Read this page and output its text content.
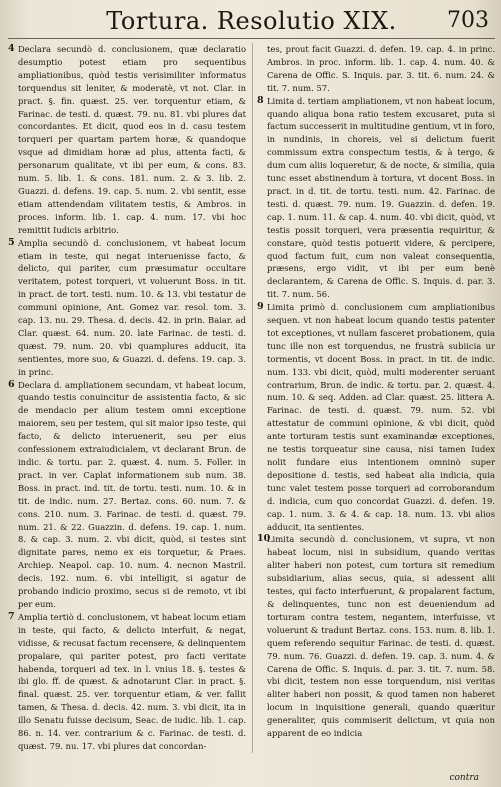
Tortura. Resolutio XIX.	703
4 Declara secundò d. conclusionem, quæ declaratio desumptio potest etiam pro sequentibus ampliationibus, quòd testis verisimiliter informatus torquendus sit leniter, & moderatè, vt not. Clar. in pract. §. fin. quæst. 25. ver. torquentur etiam, & Farinac. de testi. d. quæst. 79. nu. 81. vbi plures dat concordantes. Et dicit, quod eos in d. casu testem torqueri per quartam partem horæ, & quandoque vsque ad dimidiam horæ ad plus, attenta facti, & personarum qualitate, vt ibi per eum, & cons. 83. num. 5. lib. 1. & cons. 181. num. 2. & 3. lib. 2. Guazzi. d. defens. 19. cap. 5. num. 2. vbi sentit, esse etiam attendendam vilitatem testis, & Ambros. in proces. inform. lib. 1. cap. 4. num. 17. vbi hoc remittit Iudicis arbitrio.
5 Amplia secundò d. conclusionem, vt habeat locum etiam in teste, qui negat interuenisse facto, & delicto, qui pariter, cum præsumatur occultare veritatem, potest torqueri, vt voluerunt Boss. in tit. in pract. de tort. testi. num. 10. & 13. vbi testatur de communi opinione, Ant. Gomez var. resol. tom. 3. cap. 13. nu. 29. Thesa. d. decis. 42. in prin. Baiar. ad Clar. quæst. 64. num. 20. late Farinac. de testi. d. quæst. 79. num. 20. vbi quamplures adducit, ita sentientes, more suo, & Guazzi. d. defens. 19. cap. 3. in princ.
6 Declara d. ampliationem secundam, vt habeat locum, quando testis conuincitur de assistentia facto, & sic de mendacio per alium testem omni exceptione maiorem, seu per testem, qui sit maior ipso teste, qui facto, & delicto interuenerit, seu per eius confessionem extraiudicialem, vt declarant Brun. de indic. & tortu. par. 2. quæst. 4. num. 5. Foller. in pract. in ver. Caplat informationem sub num. 38. Boss. in pract. ind. tit. de tortu. testi. num. 10. & in tit. de indic. num. 27. Bertaz. cons. 60. num. 7. & cons. 210. num. 3. Farinac. de testi. d. quæst. 79. num. 21. & 22. Guazzin. d. defens. 19. cap. 1. num. 8. & cap. 3. num. 2. vbi dicit, quòd, si testes sint dignitate pares, nemo ex eis torquetur, & Praes. Archiep. Neapol. cap. 10. num. 4. necnon Mastril. decis. 192. num. 6. vbi intelligit, si agatur de probando indicio proximo, secus si de remoto, vt ibi per eum.
7 Amplia tertiò d. conclusionem, vt habeat locum etiam in teste, qui facto, & delicto interfuit, & negat, vidisse, & recusat factum recensere, & delinquentem propalare, qui pariter potest, pro facti veritate habenda, torqueri ad tex. in l. vnius 18. §. testes & ibi glo. ff. de quæst. & adnotarunt Clar. in pract. §. final. quæst. 25. ver. torquentur etiam, & ver. fallit tamen, & Thesa. d. decis. 42. num. 3. vbi dicit, ita in illo Senatu fuisse decisum, Seac. de iudic. lib. 1. cap. 86. n. 14. ver. contrarium & c. Farinac. de testi. d. quæst. 79. nu. 17. vbi plures dat concordan-
tes, prout facit Guazzi. d. defen. 19. cap. 4. in princ. Ambros. in proc. inform. lib. 1. cap. 4. num. 40. & Carena de Offic. S. Inquis. par. 3. tit. 6. num. 24. & tit. 7. num. 57.
8 Limita d. tertiam ampliationem, vt non habeat locum, quando aliqua bona ratio testem excusaret, puta si factum successerit in multitudine gentium, vt in foro, in nundinis, in choreis, vel si delictum fuerit commissum extra conspectum testis, & à tergo, & dum cum aliis loqueretur, & de nocte, & similia, quia tunc esset abstinendum à tortura, vt docent Boss. in pract. in d. tit. de tortu. testi. num. 42. Farinac. de testi. d. quæst. 79. num. 19. Guazzin. d. defen. 19. cap. 1. num. 11. & cap. 4. num. 40. vbi dicit, quòd, vt testis possit torqueri, vera præsentia requiritur, & constare, quòd testis potuerit videre, & percipere, quod factum fuit, cum non valeat consequentia, præsens, ergo vidit, vt ibi per eum benè declarantem, & Carena de Offic. S. Inquis. d. par. 3. tit. 7. num. 56.
9 Limita primò d. conclusionem cum ampliationibus sequen. vt non habeat locum quando testis patenter tot exceptiones, vt nullam fasceret probationem, quia tunc ille non est torquendus, ne frustrà subiicia ur tormentis, vt docent Boss. in pract. in tit. de indic. num. 133. vbi dicit, quòd, multi moderenter seruant contrarium, Brun. de indic. & tortu. par. 2. quæst. 4. num. 10. & seq. Adden. ad Clar. quæst. 25. littera A. Farinac. de testi. d. quæst. 79. num. 52. vbi attestatur de communi opinione, & vbi dicit, quòd ante torturam testis sunt examinandæ exceptiones, ne testis torqueatur sine causa, nisi tamen Iudex nolit fundare eius intentionem omninò super depositione d. testis, sed habeat alia indicia, quia tunc valet testem posse torqueri ad corroborandum d. indicia, cum quo concordat Guazzi. d. defen. 19. cap. 1. num. 3. & 4. & cap. 18. num. 13. vbi alios adducit, ita sentientes.
10
Limita secundò d. conclusionem, vt supra, vt non habeat locum, nisi in subsidium, quando veritas aliter haberi non potest, cum tortura sit remedium subsidiarium, alias secus, quia, si adessent alii testes, qui facto interfuerunt, & propalarent factum, & delinquentes, tunc non est deueniendum ad torturam contra testem, negantem, interfuisse, vt voluerunt & tradunt Bertaz. cons. 153. num. 8. lib. 1. quem referendo sequitur Farinac. de testi. d. quæst. 79. num. 76. Guazzi. d. defen. 19. cap. 3. num. 4. & Carena de Offic. S. Inquis. d. par. 3. tit. 7. num. 58. vbi dicit, testem non esse torquendum, nisi veritas aliter haberi non possit, & quod tamen non haberet locum in inquisitione generali, quando quæritur generaliter, quis commiserit delictum, vt quia non apparent de eo indicia
contra
